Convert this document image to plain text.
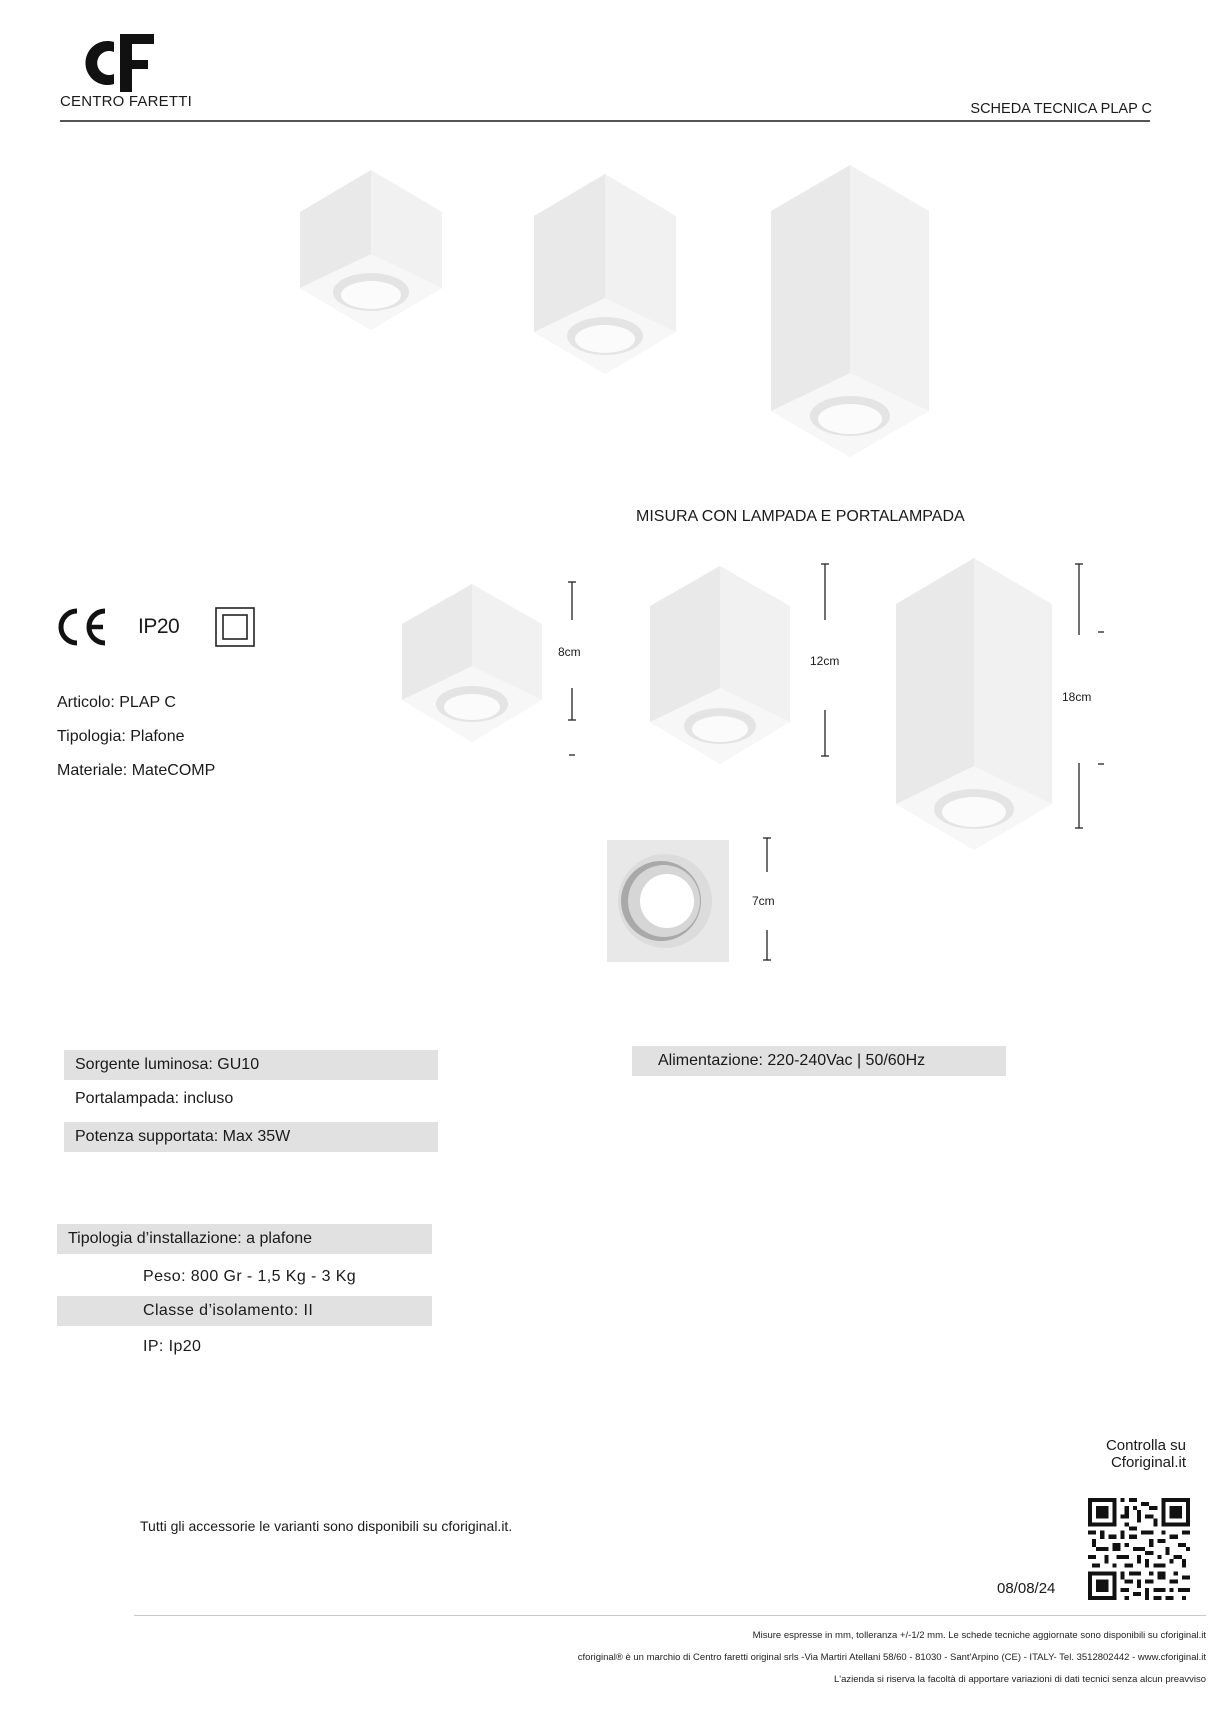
CENTRO FARETTI	SCHEDA TECNICA PLAP C
MISURA CON LAMPADA E PORTALAMPADA
8cm
12cm
18cm
7cm
IP20
Articolo: PLAP C
Tipologia: Plafone
Materiale: MateCOMP
Sorgente luminosa: GU10
Portalampada: incluso
Potenza supportata: Max 35W
Alimentazione: 220-240Vac | 50/60Hz
Tipologia d’installazione: a plafone
Peso: 800 Gr - 1,5 Kg - 3 Kg
Classe d’isolamento: II
IP: Ip20
Controlla su
Cforiginal.it
Tutti gli accessorie le varianti sono disponibili su cforiginal.it.
08/08/24
Misure espresse in mm, tolleranza +/-1/2 mm. Le schede tecniche aggiornate sono disponibili su cforiginal.it
cforiginal® è un marchio di Centro faretti original srls -Via Martiri Atellani 58/60 - 81030 - Sant'Arpino (CE) - ITALY- Tel. 3512802442 - www.cforiginal.it
L'azienda si riserva la facoltà di apportare variazioni di dati tecnici senza alcun preavviso
